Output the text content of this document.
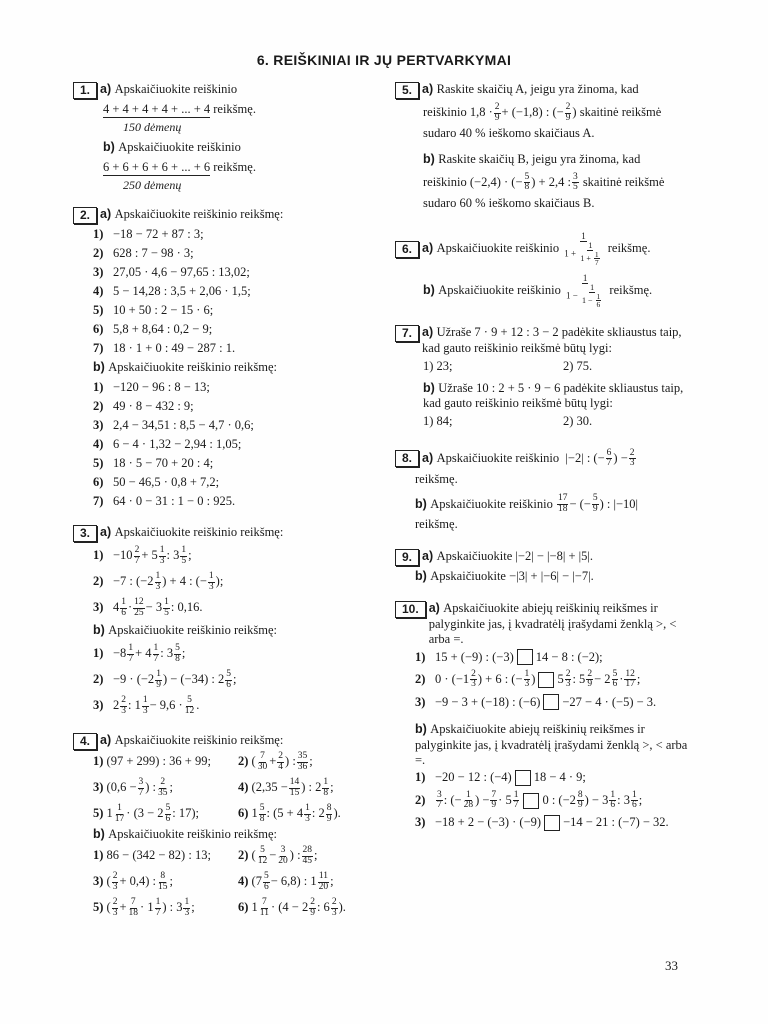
6. REIŠKINIAI IR JŲ PERTVARKYMAI
1. a) Apskaičiuokite reiškinio
4 + 4 + 4 + 4 + ... + 4
reikšmę.
150 dėmenų
b) Apskaičiuokite reiškinio
6 + 6 + 6 + 6 + ... + 6
reikšmę.
250 dėmenų
2. a) Apskaičiuokite reiškinio reikšmę:
1) −18 − 72 + 87 : 3;
2) 628 : 7 − 98 · 3;
3) 27,05 · 4,6 − 97,65 : 13,02;
4) 5 − 14,28 : 3,5 + 2,06 · 1,5;
5) 10 + 50 : 2 − 15 · 6;
6) 5,8 + 8,64 : 0,2 − 9;
7) 18 · 1 + 0 : 49 − 287 : 1.
b) Apskaičiuokite reiškinio reikšmę:
1) −120 − 96 : 8 − 13;
2) 49 · 8 − 432 : 9;
3) 2,4 − 34,51 : 8,5 − 4,7 · 0,6;
4) 6 − 4 · 1,32 − 2,94 : 1,05;
5) 18 · 5 − 70 + 20 : 4;
6) 50 − 46,5 · 0,8 + 7,2;
7) 64 · 0 − 31 : 1 − 0 : 925.
3. a) Apskaičiuokite reiškinio reikšmę:
$1) -10 \frac{2}{7} + 5 \frac{1}{3}$ : $3 \frac{1}{5}$ ;
2) −7 : ($-2 \frac{1}{3}$ ) + 4 : (− $\frac{1}{3}$ );
3) $4 \frac{1}{6} \cdot \frac{12}{25} - 3 \frac{1}{5}$ : 0,16.
b) Apskaičiuokite reiškinio reikšmę:
$1) -8 \frac{1}{7} + 4 \frac{1}{7}$ : $3 \frac{5}{8}$ ;
$2) -9 \cdot (-2 \frac{1}{9}$ ) − (−34) : $2 \frac{5}{6}$ ;
3) $2 \frac{2}{3}$ : $1 \frac{1}{3} - 9,6 \cdot \frac{5}{12}$ .
4. a) Apskaičiuokite reiškinio reikšmę:
1) (97 + 299) : 36 + 99;	2) ( $\frac{7}{30} + \frac{2}{4}$ ) : $\frac{35}{36}$ ;
3) ($0,6 - \frac{3}{7}$ ) : $\frac{2}{35}$ ;	4) ($2,35 - \frac{14}{15}$ ) : $2 \frac{1}{8}$ ;
5) $1 \frac{1}{17} \cdot (3 - 2 \frac{5}{6}$ : 17);	6) $1 \frac{5}{8}$ : ($5 + 4 \frac{1}{3}$ : $2 \frac{8}{9}$ ).
b) Apskaičiuokite reiškinio reikšmę:
1) 86 − (342 − 82) : 13;	2) ( $\frac{5}{12} - \frac{3}{20}$ ) : $\frac{28}{45}$ ;
3) ( $\frac{2}{3} + 0,4$) : $\frac{8}{15}$ ;	4) $(7 \frac{5}{6} - 6,8)$ : $1 \frac{11}{20}$ ;
5) ( $\frac{2}{3} + \frac{7}{18} \cdot 1 \frac{1}{7}$ ) : $3 \frac{1}{3}$ ;	6) $1 \frac{7}{11} \cdot (4 - 2 \frac{2}{9}$ : $6 \frac{2}{3}$ ).
5. a) Raskite skaičių A, jeigu yra žinoma, kad
reiškinio $1,8 \cdot \frac{2}{9} + (-1,8)$ : (− $\frac{2}{9}$ ) skaitinė reikšmė
sudaro 40 % ieškomo skaičiaus A.
b) Raskite skaičių B, jeigu yra žinoma, kad
reiškinio (−2,4) · (− $\frac{5}{8}$ ) + 2,4 : $\frac{3}{5}$
skaitinė reikšmė
sudaro 60 % ieškomo skaičiaus B.
6. a) Apskaičiuokite reiškinio
$\frac{1}{1 + \frac{1}{1 + \frac{1}{7}}}$
reikšmę.
b) Apskaičiuokite reiškinio
$\frac{1}{1 - \frac{1}{1 - \frac{1}{6}}}$
reikšmę.
7. a) Užraše 7 · 9 + 12 : 3 − 2 padėkite skliaustus taip, kad gauto reiškinio reikšmė būtų lygi:
1) 23;	2) 75.
b) Užraše 10 : 2 + 5 · 9 − 6 padėkite skliaustus taip, kad gauto reiškinio reikšmė būtų lygi:
1) 84;	2) 30.
8. a) Apskaičiuokite reiškinio |−2| : (− $\frac{6}{7}$ ) − $\frac{2}{3}$
reikšmę.
b) Apskaičiuokite reiškinio
$\frac{17}{18}$ − (− $\frac{5}{9}$ ) : |−10|
reikšmę.
9. a) Apskaičiuokite |−2| − |−8| + |5|.
b) Apskaičiuokite −|3| + |−6| − |−7|.
10. a) Apskaičiuokite abiejų reiškinių reikšmes ir palyginkite jas, į kvadratėlį įrašydami ženklą >, < arba =.
1) 15 + (−9) : (−3) 14 − 8 : (−2);
2) $0 \cdot (-1 \frac{2}{3}$ ) + 6 : (− $\frac{1}{3}$ ) $5 \frac{2}{3}$ : $5 \frac{2}{9} - 2 \frac{5}{6} \cdot \frac{12}{17}$ ;
3) −9 − 3 + (−18) : (−6) −27 − 4 · (−5) − 3.
b) Apskaičiuokite abiejų reiškinių reikšmes ir palyginkite jas, į kvadratėlį įrašydami ženklą >, < arba =.
1) −20 − 12 : (−4) 18 − 4 · 9;
2)	$\frac{3}{7}$ : (− $\frac{1}{28}$ ) − $\frac{7}{9} \cdot 5 \frac{1}{7} 0$ : ($-2 \frac{8}{9}$ ) − $3 \frac{1}{6}$ : $3 \frac{1}{6}$ ;
3) −18 + 2 − (−3) · (−9) −14 − 21 : (−7) − 32.
33
